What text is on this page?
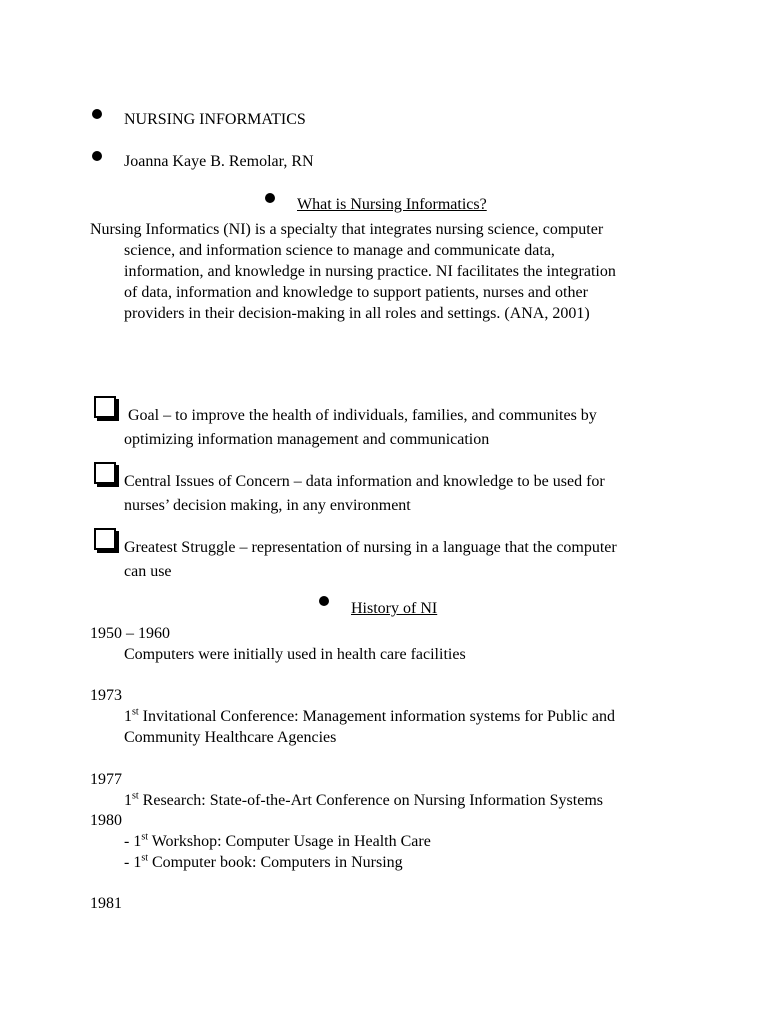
NURSING INFORMATICS
Joanna Kaye B. Remolar, RN
What is Nursing Informatics?
Nursing Informatics (NI) is a specialty that integrates nursing science, computer
science, and information science to manage and communicate data,
information, and knowledge in nursing practice. NI facilitates the integration
of data, information and knowledge to support patients, nurses and other
providers in their decision-making in all roles and settings. (ANA, 2001)
Goal – to improve the health of individuals, families, and communites by
optimizing information management and communication
Central Issues of Concern – data information and knowledge to be used for
nurses’ decision making, in any environment
Greatest Struggle – representation of nursing in a language that the computer
can use
History of NI
1950 – 1960
Computers were initially used in health care facilities
1973
1st Invitational Conference: Management information systems for Public and
Community Healthcare Agencies
1977
1st Research: State-of-the-Art Conference on Nursing Information Systems
1980
- 1st Workshop: Computer Usage in Health Care
- 1st Computer book: Computers in Nursing
1981
